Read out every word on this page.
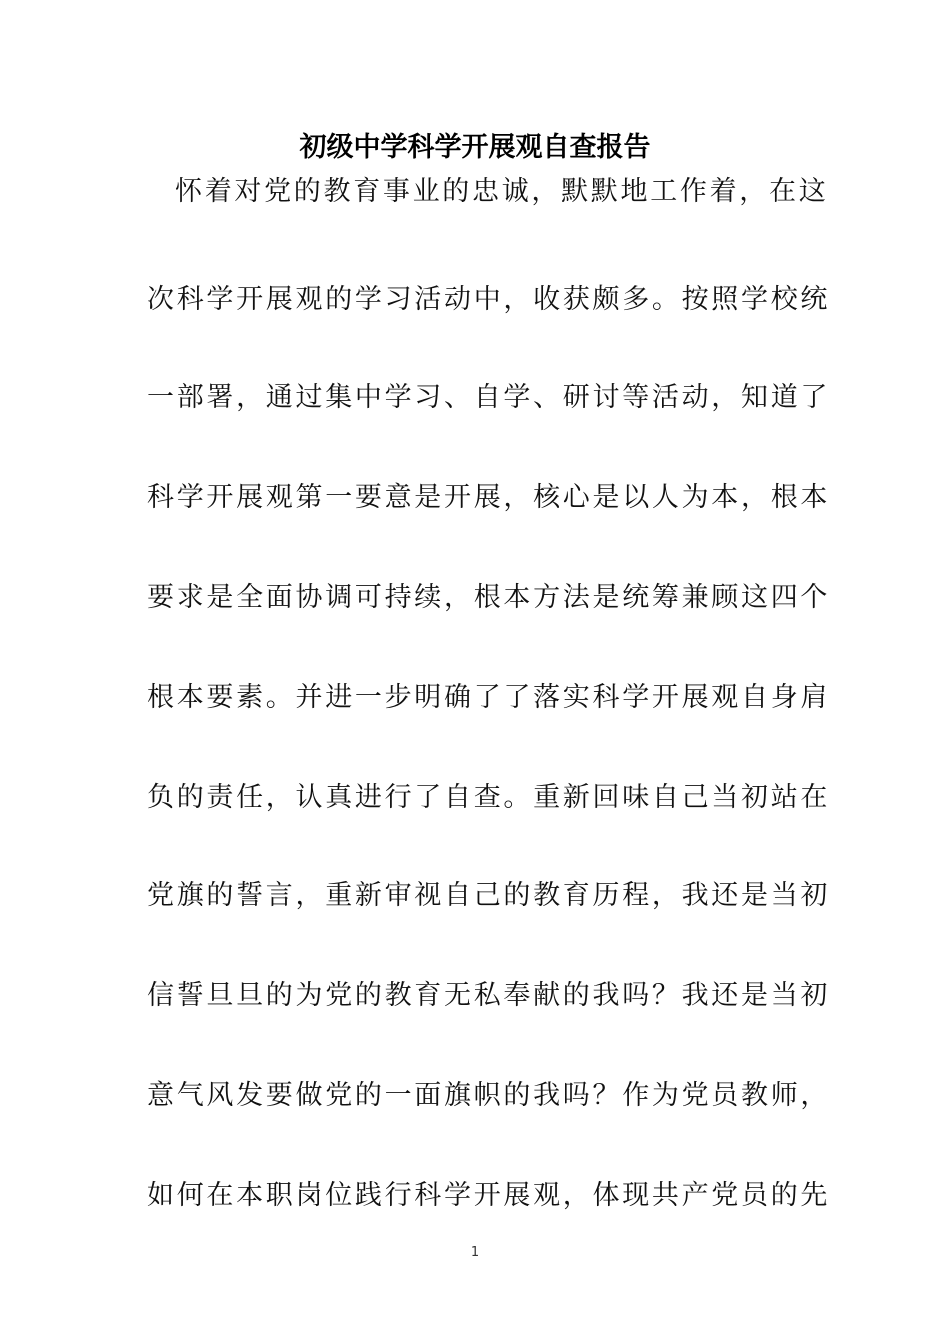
初级中学科学开展观自查报告
怀着对党的教育事业的忠诚，默默地工作着，在这
次科学开展观的学习活动中，收获颇多。按照学校统
一部署，通过集中学习、自学、研讨等活动，知道了
科学开展观第一要意是开展，核心是以人为本，根本
要求是全面协调可持续，根本方法是统筹兼顾这四个
根本要素。并进一步明确了了落实科学开展观自身肩
负的责任，认真进行了自查。重新回味自己当初站在
党旗的誓言，重新审视自己的教育历程，我还是当初
信誓旦旦的为党的教育无私奉献的我吗？我还是当初
意气风发要做党的一面旗帜的我吗？作为党员教师，
如何在本职岗位践行科学开展观，体现共产党员的先
1
